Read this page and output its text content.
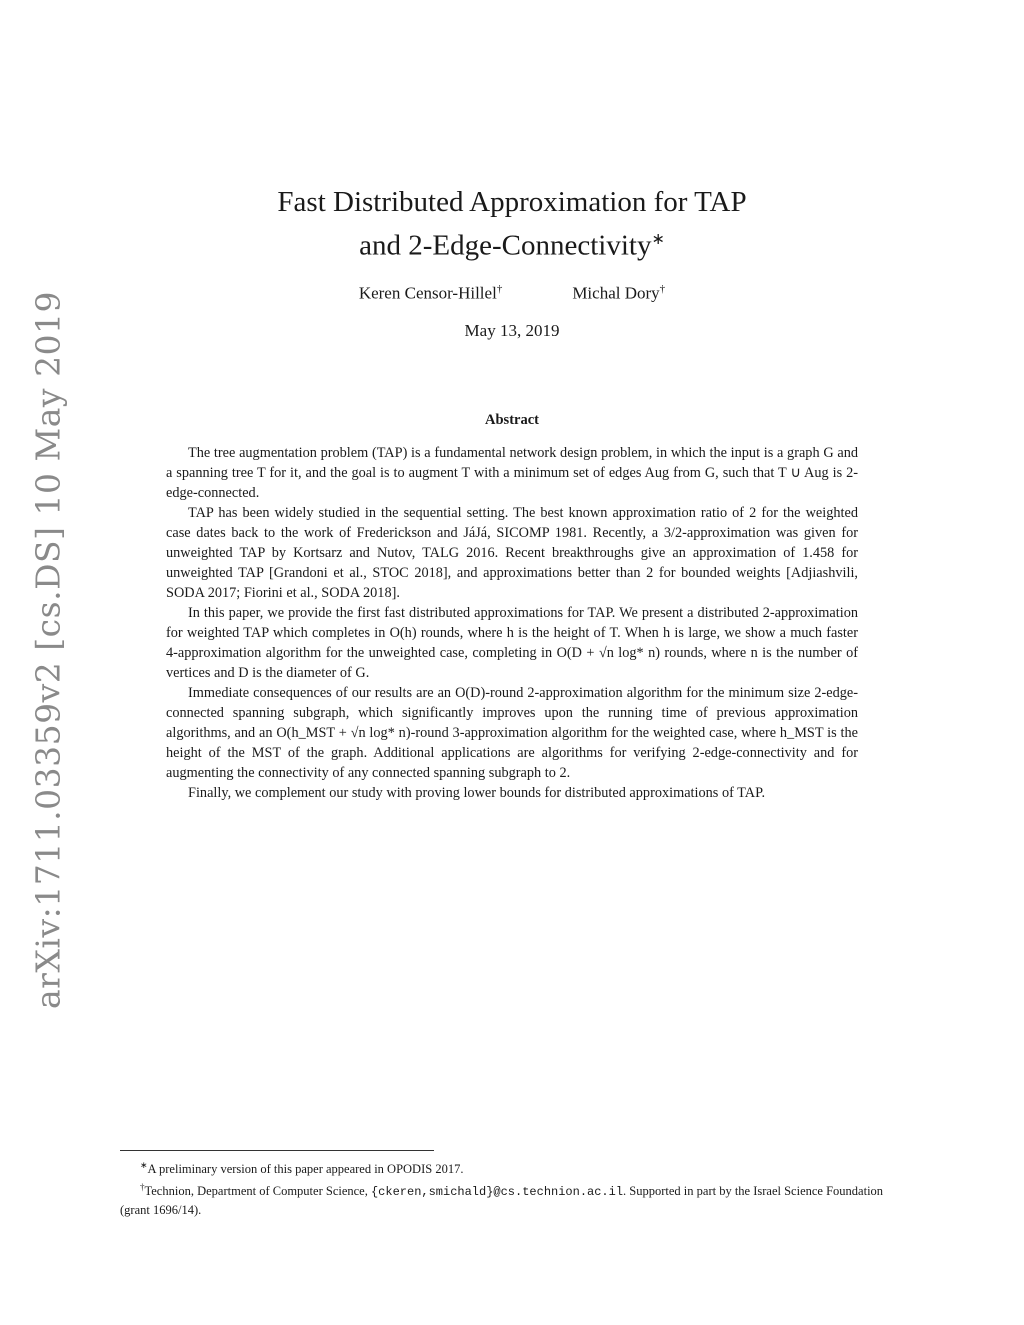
arXiv:1711.03359v2 [cs.DS] 10 May 2019
Fast Distributed Approximation for TAP
and 2-Edge-Connectivity∗
Keren Censor-Hillel†	Michal Dory†
May 13, 2019
Abstract

The tree augmentation problem (TAP) is a fundamental network design problem, in which the input is a graph G and a spanning tree T for it, and the goal is to augment T with a minimum set of edges Aug from G, such that T ∪ Aug is 2-edge-connected.

TAP has been widely studied in the sequential setting. The best known approximation ratio of 2 for the weighted case dates back to the work of Frederickson and JáJá, SICOMP 1981. Recently, a 3/2-approximation was given for unweighted TAP by Kortsarz and Nutov, TALG 2016. Recent breakthroughs give an approximation of 1.458 for unweighted TAP [Grandoni et al., STOC 2018], and approximations better than 2 for bounded weights [Adjiashvili, SODA 2017; Fiorini et al., SODA 2018].

In this paper, we provide the first fast distributed approximations for TAP. We present a distributed 2-approximation for weighted TAP which completes in O(h) rounds, where h is the height of T. When h is large, we show a much faster 4-approximation algorithm for the unweighted case, completing in O(D + √n log* n) rounds, where n is the number of vertices and D is the diameter of G.

Immediate consequences of our results are an O(D)-round 2-approximation algorithm for the minimum size 2-edge-connected spanning subgraph, which significantly improves upon the running time of previous approximation algorithms, and an O(h_MST + √n log* n)-round 3-approximation algorithm for the weighted case, where h_MST is the height of the MST of the graph. Additional applications are algorithms for verifying 2-edge-connectivity and for augmenting the connectivity of any connected spanning subgraph to 2.

Finally, we complement our study with proving lower bounds for distributed approximations of TAP.

∗A preliminary version of this paper appeared in OPODIS 2017.

†Technion, Department of Computer Science, {ckeren,smichald}@cs.technion.ac.il. Supported in part by the Israel Science Foundation (grant 1696/14).
